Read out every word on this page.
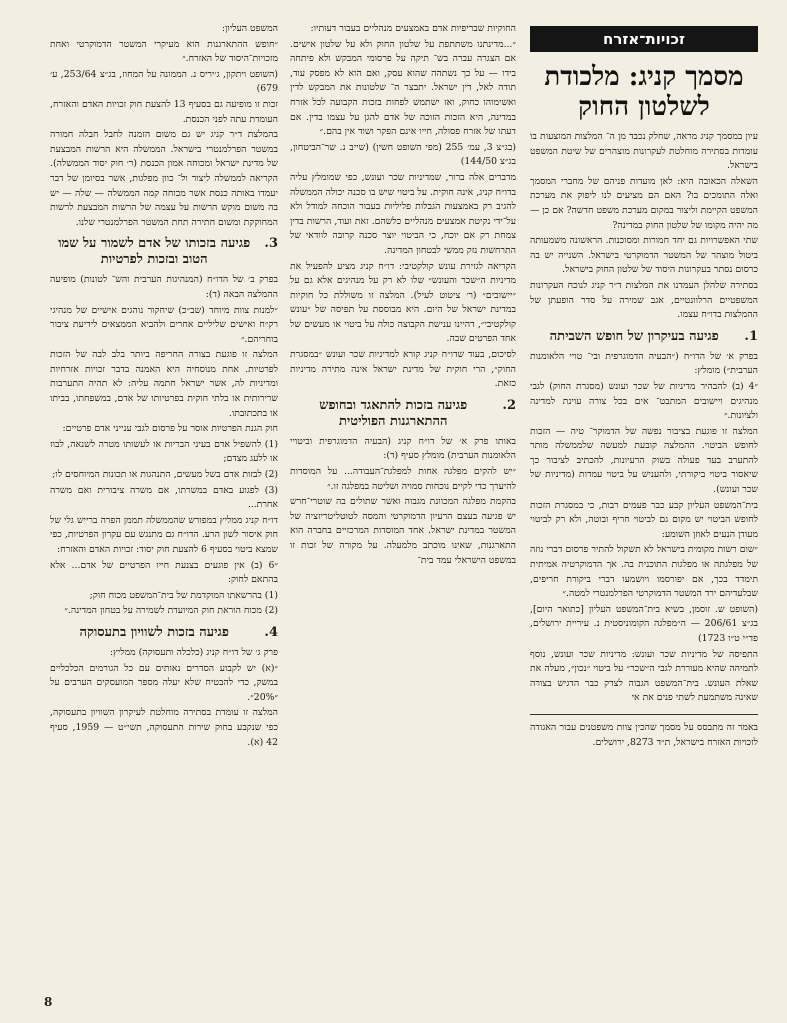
זכויות־אזרח
מסמך קניג: מלכודת לשלטון החוק

עיון במסמך קניג מראה, שחלק נכבד מן ה־ המלצות המוצעות בו עומדות בסתירה מוחלטת לעקרונות מוצהרים של שיטת המשפט בישראל.

השאלה הכאובה היא: לאן מועדות פניהם של מחברי המסמך ואלה התומכים בו? האם הם מציעים לנו ליפוק את מערכת המשפט הקיימת וליצור במקום מערכת משפט חדשה? אם כן — מה יהיה מקומו של שלטון החוק במדינה?

שתי האפשרויות גם יחד חמורות ומסוכנות. הראשונה משמעותה ביטול מוצהר של המשטר הדמוקרטי בישראל. השנייה יש בה כרסום נסתר בעקרונות היסוד של שלטון החוק בישראל.

בסתירה שלהלן העמדנו את המלצות ד״ר קניג לנוכח העקרונות המשפטיים הרלוונטיים, אגב שמירה על סדר הופעתן של ההמלצות בדו״ח עצמו.

1.
פגיעה בעיקרון של חופש השביתה

בפרק א׳ של הדו״ח (״הבעיה הדמוגרפית ובי־ טויי הלאומנות הערבית״) מומלץ:

״4 (ב) להבהיר מדיניות של שכר ועונש (מסגרת החוק) לגבי מנהיגים ויישובים המתבט־ אים בכל צורה עוינת למדינה ולציונות.״

המלצה זו פוגעת בציבור נפשה של הדמוקר־ טיה — הזכות לחופש הביטוי. ההמלצה קובעת למעשה שלממשלה מותר להתערב בעד פעולה בשוק הרעיונות, להכתיב לציבור כך שיאסור ביטוי ביקורתי, ולהעניש על ביטוי עמדות (מדיניות של שכר ועונש).

בית־המשפט העליון קבע כבר פעמים רבות, כי במסגרת הזכות לחופש הביטוי יש מקום גם לביטוי חריף ובוטה, ולא רק לביטוי מעודן הנעים לאוזן השומע:

״שום רשות מקומית בישראל לא תשקול להתיר פרסום דברי נוזה של מפלגתה או מפלגות התוכנית בה. אך הדמוקרטיה אמיתית תימדד בכך, אם יפורסמו ויושמעו דברי ביקורת חריפים, שבלעדיהם ירד המשטר הדמוקרטי הפרלמנטרי למטה.״

(השופט ש. זוסמן, בשיא בית־המשפט העליון [כתואר היום], בג״צ 206/61 — ה״מפלגה הקומוניסטית נ. עיריית ירושלים, פד״י ט״ו 1723)

התפיסה של מדיניות שכר ועונש: מדיניות שכר ועונש, נוסף לתמיהה שהיא מעוררת לגבי ה״שכר״ על ביטוי ״נכון״, מעלה את שאלת העונש. בית־המשפט הגבוה לצדק כבר הדגיש בצורה שאינה משתמעת לשתי פנים את אי

באמר זה מתבסס על מסמך שהכין צוות משפטנים עבור האגודה לזכויות האזרח בישראל, ת״ד 8273, ירושלים.

החוקיות שבריפיות אדם באמצעים מנהליים בעבור דעותיו:

״...מדינתנו משתתפת על שלטון החוק ולא על שלטון אישים. אם הצגרה עברה בש־ תיקה על פרסומי המבקש ולא פיתחה בידו — על כך נשתהה שהוא עסק, ואם הוא לא מפסק עוד, תודה לאל, דין ישראל. יתבצר ה־ שלטונות את המבקש לדין ואשימוהו כחוק, ואז ישתמש לפחות בזכות הקבועה לכל אזרח במדינה, היא הזכות הזוכה של אדם להגן על עצמו בדין. אם דעתו של אזרח פסולה, חייו אינם הפקר ושוד אין בהם.״

(בג״צ 3, עמ׳ 255 (מפי השופט חשין) (שייב נ. שר־הביטחון, בג״צ 144/50)

מדברים אלה ברור, שמדיניות שכר ועונש, כפי שמומלץ עליה בדו״ח קניג, אינה חוקית. על ביטוי שיש בו סכנה יכולה הממשלה להגיב רק באמצעות הגבלות פליליות בעבור הוכחה למודל ולא על־ידי נקיטת אמצעים מנהליים כלשהם. זאת ועוד, הרשות בדין צמחת רק אם יוכח, כי הביטוי יוצר סכנה קרובה לוודאי של התרחשות נזק ממשי לבטחון המדינה.

הקריאה לגזירת עונש קולקטיבי: דו״ח קניג מציע להפעיל את מדיניות ה״שכר והעונש״ שלו לא רק על מנהיגים אלא גם על ״יישובים״ (ר׳ ציטוט לעיל). המלצה זו משוללת כל חוקיות במדינת ישראל של היום. היא מבוססת על תפיסה של ״עונש קולקטיבי״, דהיינו ענישת הקבוצה כולה על ביטוי או מעשים של אחד הפרטים שבה.

לסיכום, בעוד שדו״ח קניג קורא למדיניות שכר ועונש ״במסגרת החוק״, הרי חוקית של מדינת ישראל אינה מתירה מדיניות כזאת.

2.
פגיעה בזכות להתאגד ובחופש ההתארגנות הפוליטית

באותו פרק א׳ של דו״ח קניג (הבעיה הדמוגרפית וביטויי הלאומנות הערבית) מומלץ סעיף (ד):

״יש להקים מפלגה אחות למפלגת־העבודה... על המוסדות להיערך כדי לקיים נוכחות סמויה ושליטה במפלגה זו.״

בהקמת מפלגה המכוונת מגבוה ואשר שתולים בה שוטרי־חרש יש פגיעה בעצם הרעיון הדמוקרטי והמסה לטוטליטריזציה של המשטר במדינת ישראל. אחד המוסדות המרכזיים בחברה הוא התארגנות, שאינו מוכתב מלמעלה. על מקורה של זכות זו במשפט הישראלי עמד בית־

המשפט העליון:

״חופש ההתארגנות הוא מעיקרי המשטר הדמוקרטי ואחת מזכויות־היסוד של האזרח.״

(השופט ויתקון, ג׳יריס נ. הממונה על המחוז, בג״צ 253/64, ע׳ 679)

זכות זו מופיעה גם בסעיף 13 להצעת חוק זכויות האדם והאזרח, העומדת עתה לפני הכנסת.

בהמלצת ד״ר קניג יש גם משום הזמנה לחבל חבלה חמורה במשטר הפרלמנטרי בישראל. הממשלה היא הרשות המבצעת של מדינת ישראל ומכוחה אמון הכנסת (ר׳ חוק יסוד הממשלה). הקריאה לממשלה ליצור ול־ כוון מפלגות, אשר בסיומן של דבר יעמדו באותה כנסת אשר מכוחה קמה הממשלה — שלה — יש בה משום מוקש הרשות על עצמה של הרשות המבצעת לרשות המחוקקת ומשום חתירה תחת המשטר הפרלמנטרי שלנו.

3.
פגיעה בזכותו של אדם לשמור על שמו הטוב ובזכות לפרטיות

בפרק ב׳ של הדו״ח (המנהיגות הערבית והש־ לטונות) מופיעה ההמלצה הבאה (ד):

״למנות צוות מיוחד (שב״כ) שיחקור נוהגים אישיים של מנהיגי רק״ח ואישים שליליים אחרים ולהביא הממצאים לידיעת ציבור בוחריהם.״

המלצה זו פוגעת בצורה החריפה ביותר בלב לבה של הזכות לפרטיות. אחת מנוסחיה היא האמנה בדבר זכויות אזרחיות ומדיניות לה, אשר ישראל חתמה עליה: לא תהיה התערבות שרירותית או בלתי חוקית בפרטיותו של אדם, במשפחתו, בביתו או בתכתובתו.

חוק הגנת הפרטיות אוסר על פרסום לגבי ענייני אדם פרטיים:

(1) להשפיל אדם בעיני הבריות או לעשותו מטרה לשנאה, לבוז או ללעג מצדם;

(2) לבזות אדם בשל מעשים, התנהגות או תכונות המיוחסים לו;

(3) לפגוע באדם במשרתו, אם משרה ציבורית ואם משרה אחרת...

דו״ח קניג ממליץ במפורש שהממשלה תממן הפרה ברייש גלי של חוק איסור לשון הרע. הדו״ח גם מתנגש עם עקרון הפרטיות, כפי שמצא ביטוי בסעיף 6 להצעת חוק יסוד: זכויות האדם והאזרח:

״6 (ב) אין פוגעים בצנעת חייו הפרטיים של אדם... אלא בהתאם לחוק:

(1) בהרשאתו המוקדמת של בית־המשפט מכוח חוק;

(2) מכוח הוראת חוק המיועדת לשמירה על בטחון המדינה.״

4.
פגיעה בזכות לשוויון בתעסוקה

פרק ג׳ של דו״ח קניג (כלכלה ותעסוקה) ממליץ:

״(א) יש לקבוע הסדרים נאותים עם כל הגורמים הכלכליים במשק, כדי להבטיח שלא יעלה מספר המועסקים הערבים על ״20%״.

המלצה זו עומדת בסתירה מוחלטת לעיקרון השוויון בתעסוקה, כפי שנקבע בחוק שירות התעסוקה, תשי״ט — 1959, סעיף 42 (א).

8
